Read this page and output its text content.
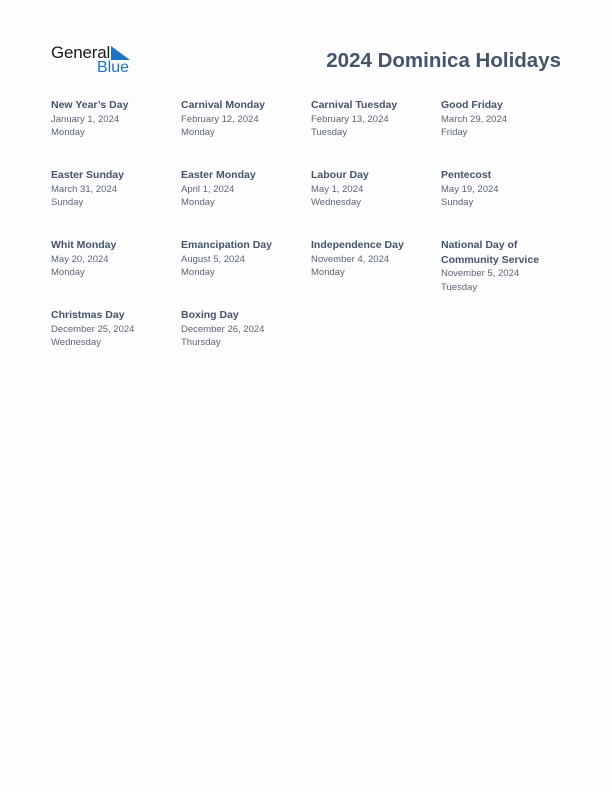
General
Blue	2024 Dominica Holidays
New Year’s Day
January 1, 2024
Monday
Carnival Monday
February 12, 2024
Monday
Carnival Tuesday
February 13, 2024
Tuesday
Good Friday
March 29, 2024
Friday
Easter Sunday
March 31, 2024
Sunday
Easter Monday
April 1, 2024
Monday
Labour Day
May 1, 2024
Wednesday
Pentecost
May 19, 2024
Sunday
Whit Monday
May 20, 2024
Monday
Emancipation Day
August 5, 2024
Monday
Independence Day
November 4, 2024
Monday
National Day of Community Service
November 5, 2024
Tuesday
Christmas Day
December 25, 2024
Wednesday
Boxing Day
December 26, 2024
Thursday
